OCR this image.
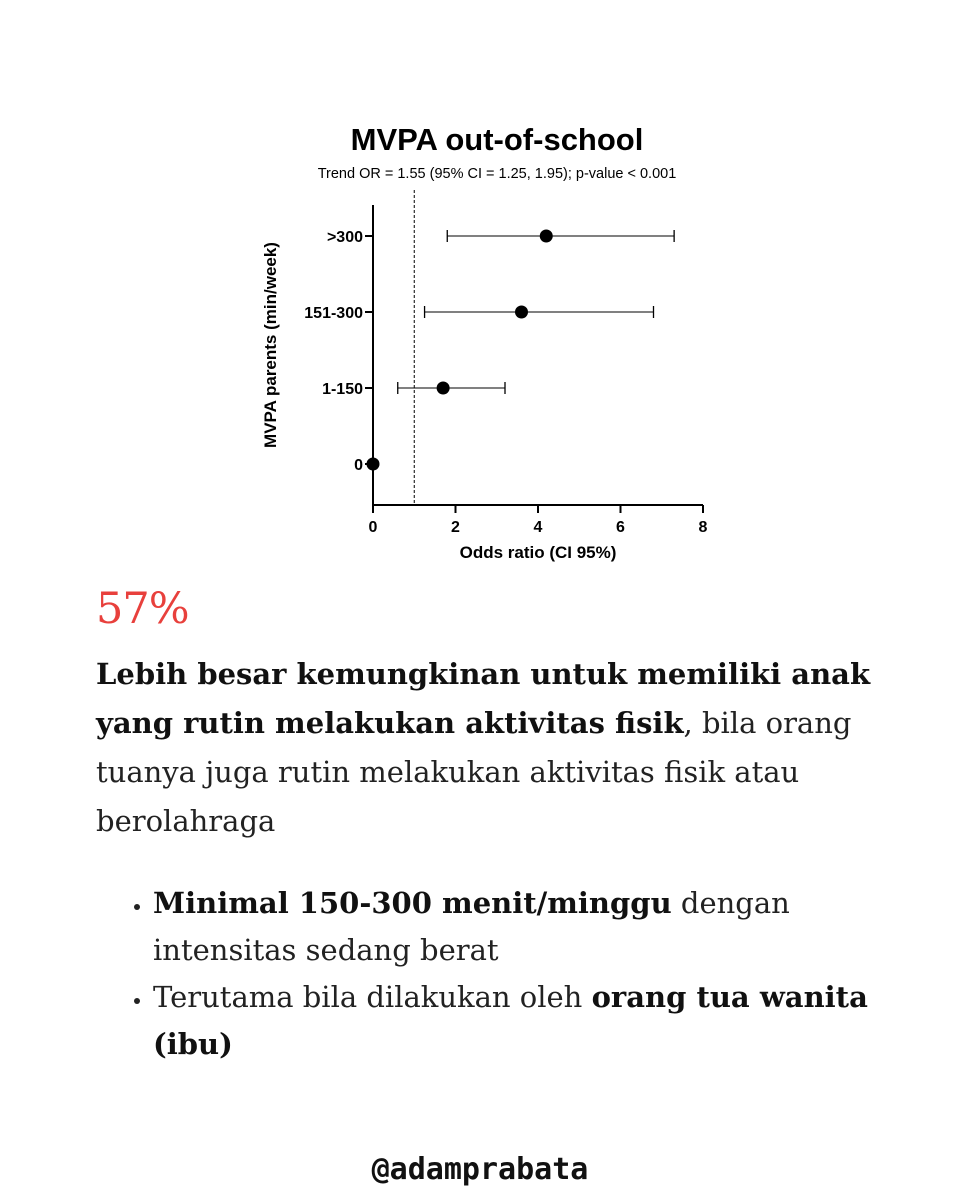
MVPA out-of-school
Trend OR = 1.55 (95% CI = 1.25, 1.95); p-value < 0.001
MVPA parents (min/week)
Odds ratio (CI 95%)
0	2	4	6	8
>300
151-300
1-150
0
57%

Lebih besar kemungkinan untuk memiliki anak yang rutin melakukan aktivitas fisik, bila orang tuanya juga rutin melakukan aktivitas fisik atau berolahraga

• Minimal 150-300 menit/minggu dengan intensitas sedang berat
• Terutama bila dilakukan oleh orang tua wanita (ibu)
@adamprabata
